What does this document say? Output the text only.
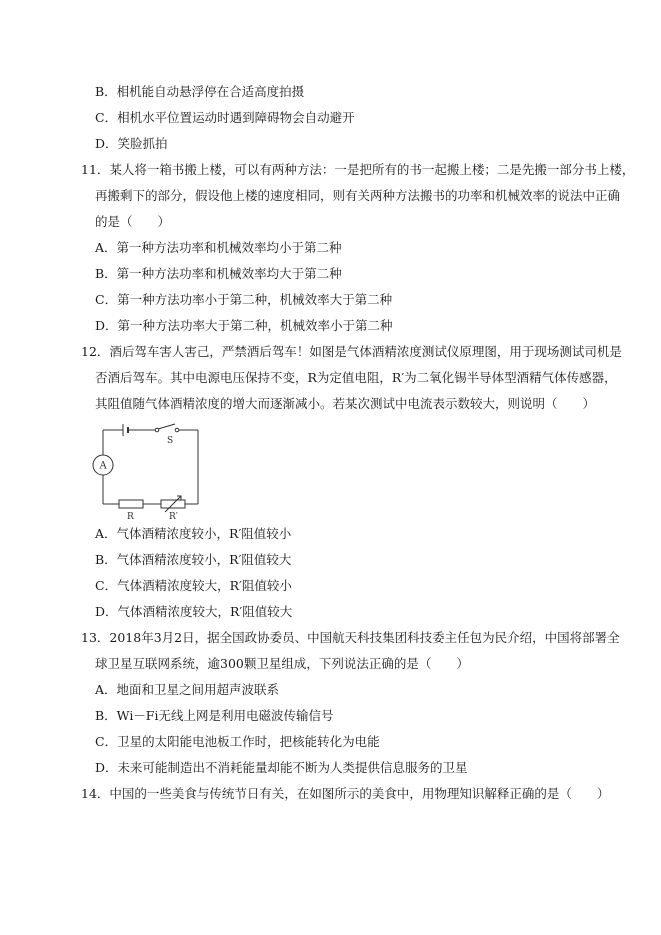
B．相机能自动悬浮停在合适高度拍摄
C．相机水平位置运动时遇到障碍物会自动避开
D．笑脸抓拍
11．某人将一箱书搬上楼，可以有两种方法：一是把所有的书一起搬上楼；二是先搬一部分书上楼，
再搬剩下的部分，假设他上楼的速度相同，则有关两种方法搬书的功率和机械效率的说法中正确
的是（　　）
A．第一种方法功率和机械效率均小于第二种
B．第一种方法功率和机械效率均大于第二种
C．第一种方法功率小于第二种，机械效率大于第二种
D．第一种方法功率大于第二种，机械效率小于第二种
12．酒后驾车害人害己，严禁酒后驾车！如图是气体酒精浓度测试仪原理图，用于现场测试司机是
否酒后驾车。其中电源电压保持不变，R为定值电阻，R′为二氧化锡半导体型酒精气体传感器，
其阻值随气体酒精浓度的增大而逐渐减小。若某次测试中电流表示数较大，则说明（　　）
S
A
R	R′
A．气体酒精浓度较小，R′阻值较小
B．气体酒精浓度较小，R′阻值较大
C．气体酒精浓度较大，R′阻值较小
D．气体酒精浓度较大，R′阻值较大
13．2018年3月2日，据全国政协委员、中国航天科技集团科技委主任包为民介绍，中国将部署全
球卫星互联网系统，逾300颗卫星组成，下列说法正确的是（　　）
A．地面和卫星之间用超声波联系
B．Wi－Fi无线上网是利用电磁波传输信号
C．卫星的太阳能电池板工作时，把核能转化为电能
D．未来可能制造出不消耗能量却能不断为人类提供信息服务的卫星
14．中国的一些美食与传统节日有关，在如图所示的美食中，用物理知识解释正确的是（　　）
